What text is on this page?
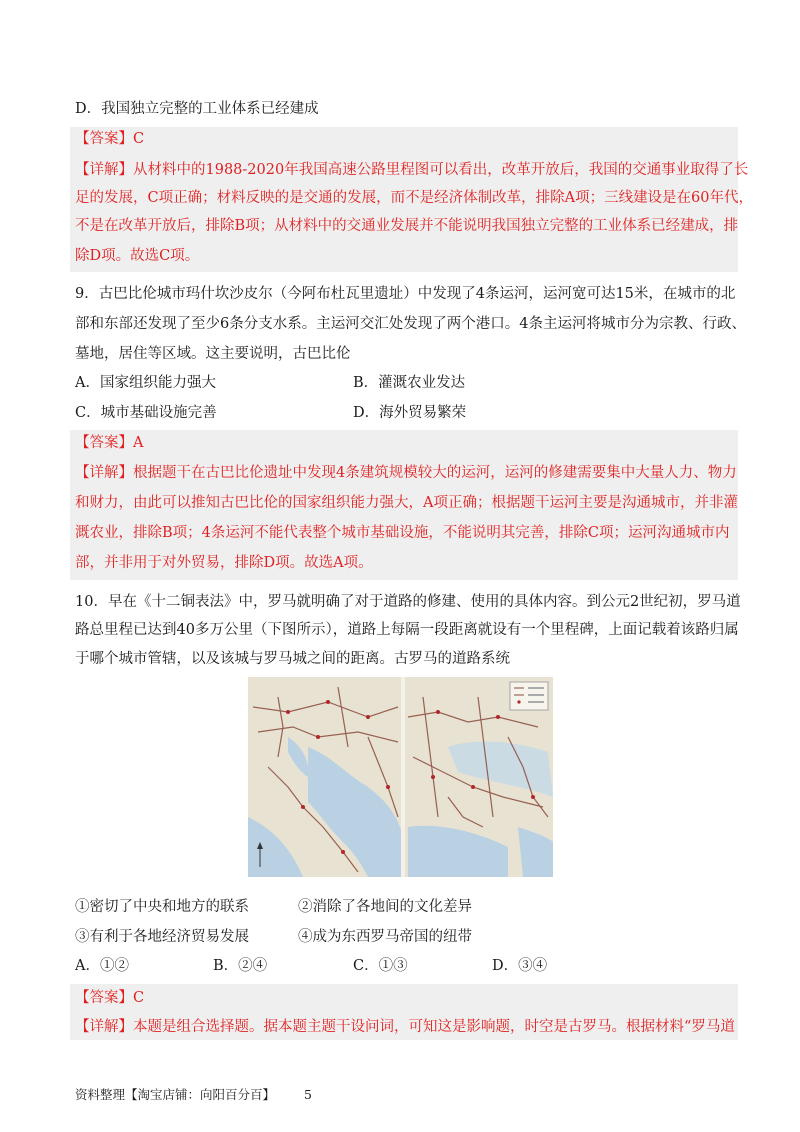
D．我国独立完整的工业体系已经建成
【答案】C
【详解】从材料中的1988-2020年我国高速公路里程图可以看出，改革开放后，我国的交通事业取得了长
足的发展，C项正确；材料反映的是交通的发展，而不是经济体制改革，排除A项；三线建设是在60年代，
不是在改革开放后，排除B项；从材料中的交通业发展并不能说明我国独立完整的工业体系已经建成，排
除D项。故选C项。
9．古巴比伦城市玛什坎沙皮尔（今阿布杜瓦里遗址）中发现了4条运河，运河宽可达15米，在城市的北
部和东部还发现了至少6条分支水系。主运河交汇处发现了两个港口。4条主运河将城市分为宗教、行政、
墓地，居住等区域。这主要说明，古巴比伦
A．国家组织能力强大	B．灌溉农业发达
C．城市基础设施完善	D．海外贸易繁荣
【答案】A
【详解】根据题干在古巴比伦遗址中发现4条建筑规模较大的运河，运河的修建需要集中大量人力、物力
和财力，由此可以推知古巴比伦的国家组织能力强大，A项正确；根据题干运河主要是沟通城市，并非灌
溉农业，排除B项；4条运河不能代表整个城市基础设施，不能说明其完善，排除C项；运河沟通城市内
部，并非用于对外贸易，排除D项。故选A项。
10．早在《十二铜表法》中，罗马就明确了对于道路的修建、使用的具体内容。到公元2世纪初，罗马道
路总里程已达到40多万公里（下图所示），道路上每隔一段距离就设有一个里程碑，上面记载着该路归属
于哪个城市管辖，以及该城与罗马城之间的距离。古罗马的道路系统
①密切了中央和地方的联系	②消除了各地间的文化差异
③有利于各地经济贸易发展	④成为东西罗马帝国的纽带
A．①②	B．②④	C．①③	D．③④
【答案】C
【详解】本题是组合选择题。据本题主题干设问词，可知这是影响题，时空是古罗马。根据材料“罗马道
资料整理【淘宝店铺：向阳百分百】 5
